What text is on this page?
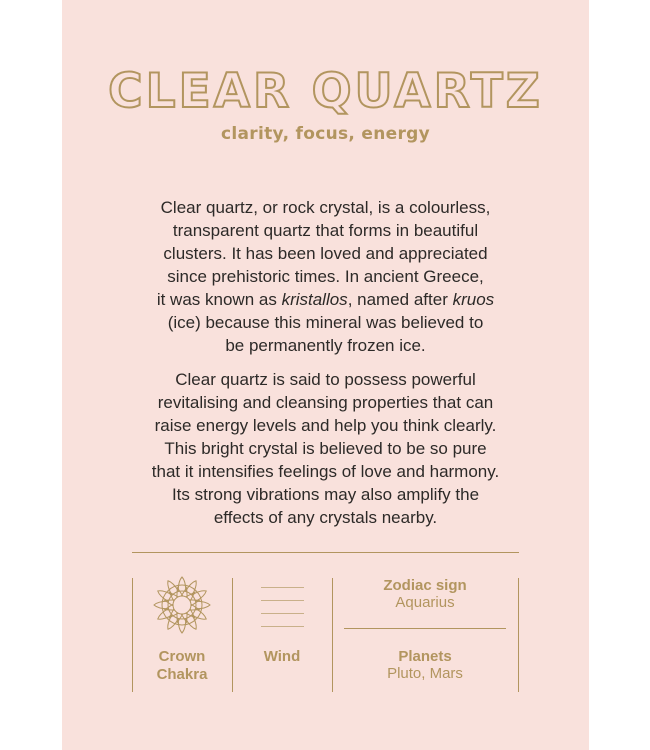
CLEAR QUARTZ
clarity, focus, energy
Clear quartz, or rock crystal, is a colourless,
transparent quartz that forms in beautiful
clusters. It has been loved and appreciated
since prehistoric times. In ancient Greece,
it was known as kristallos, named after kruos
(ice) because this mineral was believed to
be permanently frozen ice.
Clear quartz is said to possess powerful
revitalising and cleansing properties that can
raise energy levels and help you think clearly.
This bright crystal is believed to be so pure
that it intensifies feelings of love and harmony.
Its strong vibrations may also amplify the
effects of any crystals nearby.
Crown
Chakra
Wind
Zodiac sign
Aquarius
Planets
Pluto, Mars
